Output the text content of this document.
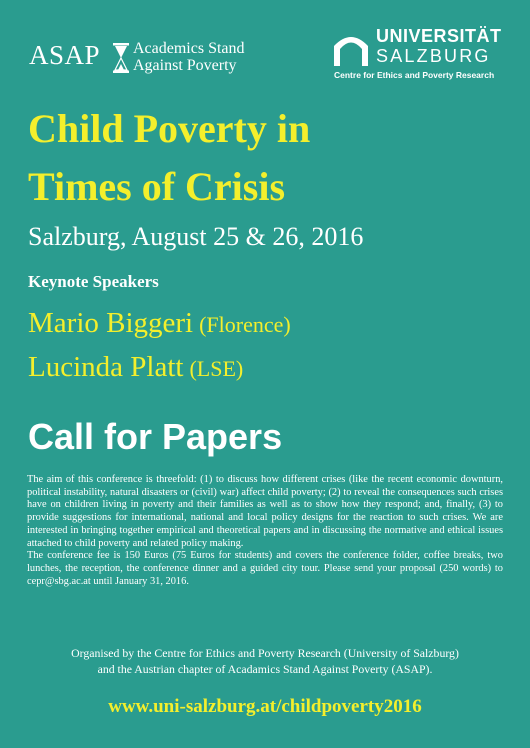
ASAP Academics Stand
Against Poverty
UNIVERSITÄT
SALZBURG
Centre for Ethics and Poverty Research
Child Poverty in
Times of Crisis
Salzburg, August 25 & 26, 2016
Keynote Speakers
Mario Biggeri (Florence)
Lucinda Platt (LSE)
Call for Papers

The aim of this conference is threefold: (1) to discuss how different crises (like the recent economic downturn, political instability, natural disasters or (civil) war) affect child poverty; (2) to reveal the consequences such crises have on children living in poverty and their families as well as to show how they respond; and, finally, (3) to provide suggestions for international, national and local policy designs for the reaction to such crises. We are interested in bringing together empirical and theoretical papers and in discussing the normative and ethical issues attached to child poverty and related policy making.

The conference fee is 150 Euros (75 Euros for students) and covers the conference folder, coffee breaks, two lunches, the reception, the conference dinner and a guided city tour. Please send your proposal (250 words) to cepr@sbg.ac.at until January 31, 2016.

Organised by the Centre for Ethics and Poverty Research (University of Salzburg)

and the Austrian chapter of Acadamics Stand Against Poverty (ASAP).

www.uni-salzburg.at/childpoverty2016
